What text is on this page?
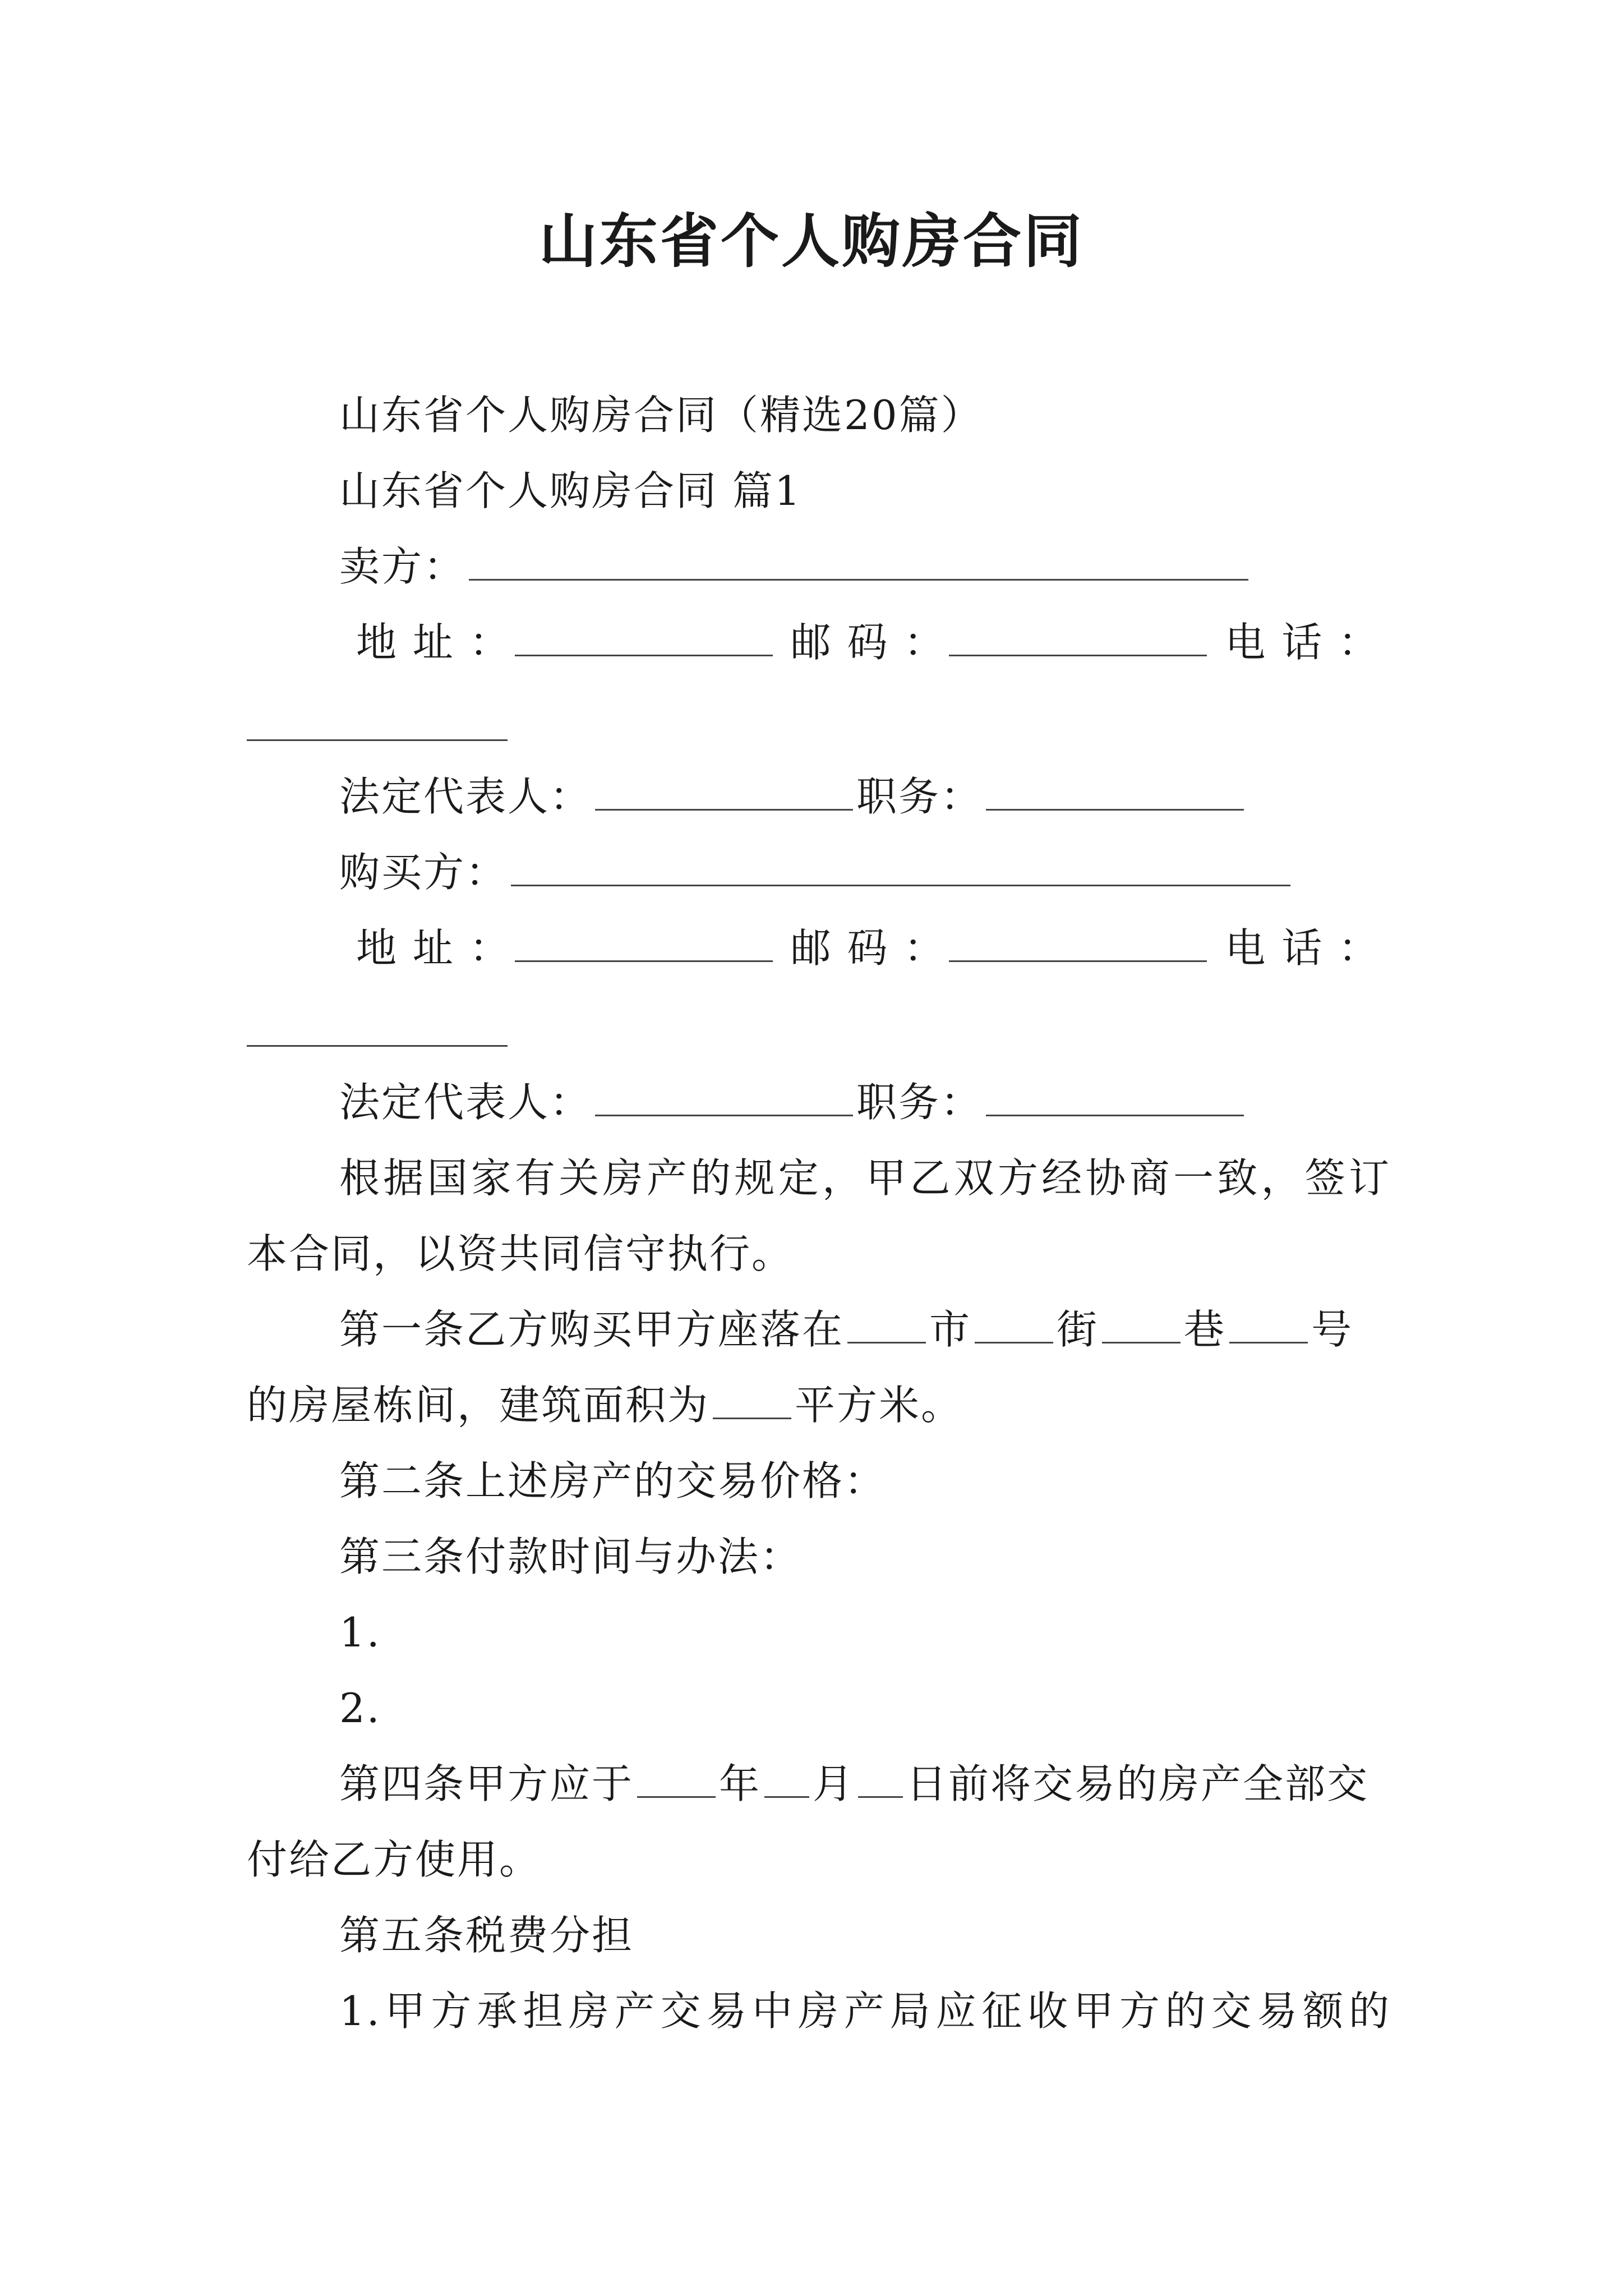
山东省个人购房合同
山东省个人购房合同（精选20篇）
山东省个人购房合同 篇1
卖方：
地 址 ：	邮 码 ：	电 话 ：
法定代表人：	职务：
购买方：
地 址 ：	邮 码 ：	电 话 ：
法定代表人：	职务：
根据国家有关房产的规定，甲乙双方经协商一致，签订
本合同，以资共同信守执行。
第一条乙方购买甲方座落在 市 街 巷 号
的房屋栋间，建筑面积为 平方米。
第二条上述房产的交易价格：
第三条付款时间与办法：
1.
2.
第四条甲方应于 年 月 日前将交易的房产全部交
付给乙方使用。
第五条税费分担
1.甲方承担房产交易中房产局应征收甲方的交易额的
